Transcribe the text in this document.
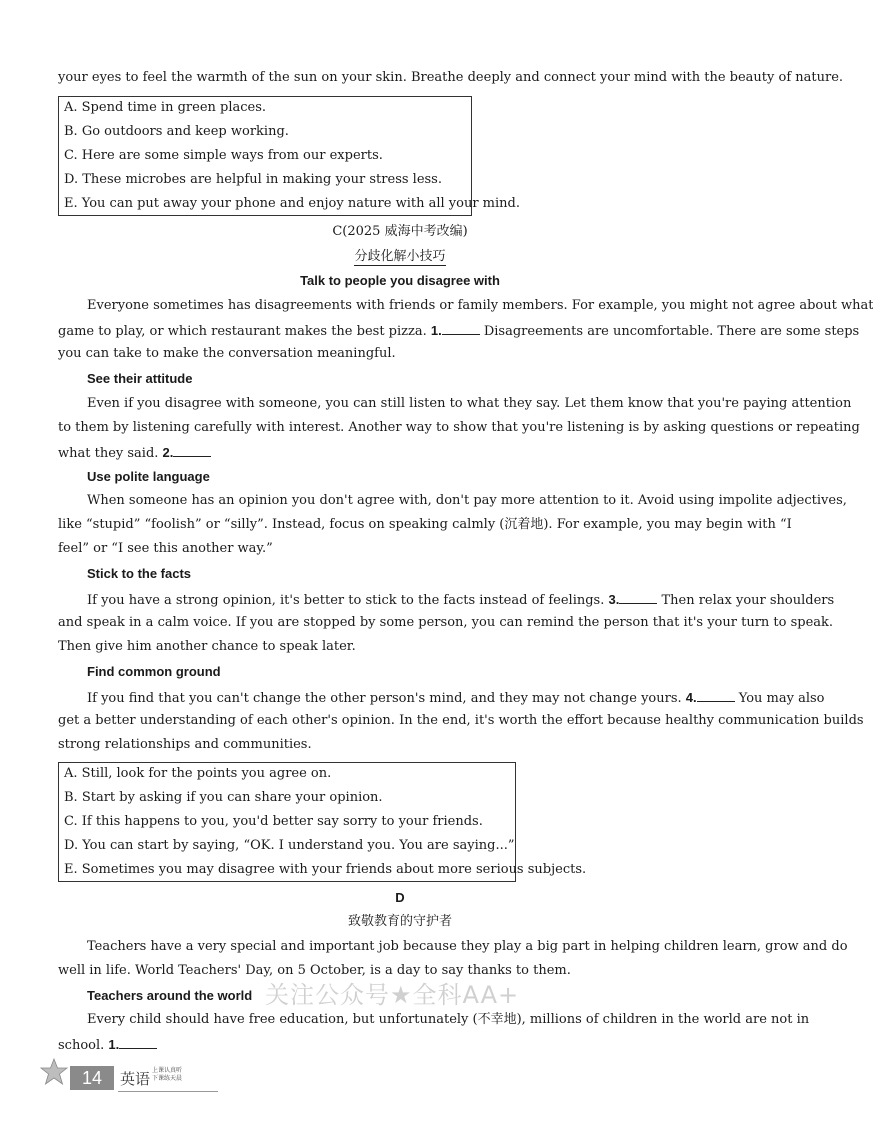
your eyes to feel the warmth of the sun on your skin. Breathe deeply and connect your mind with the beauty of nature.
A. Spend time in green places.
B. Go outdoors and keep working.
C. Here are some simple ways from our experts.
D. These microbes are helpful in making your stress less.
E. You can put away your phone and enjoy nature with all your mind.
C(2025 威海中考改编)
分歧化解小技巧
Talk to people you disagree with
Everyone sometimes has disagreements with friends or family members. For example, you might not agree about what
game to play, or which restaurant makes the best pizza. 1.	Disagreements are uncomfortable. There are some steps
you can take to make the conversation meaningful.
See their attitude
Even if you disagree with someone, you can still listen to what they say. Let them know that you're paying attention
to them by listening carefully with interest. Another way to show that you're listening is by asking questions or repeating
what they said. 2.
Use polite language
When someone has an opinion you don't agree with, don't pay more attention to it. Avoid using impolite adjectives,
like “stupid” “foolish” or “silly”. Instead, focus on speaking calmly (沉着地). For example, you may begin with “I
feel” or “I see this another way.”
Stick to the facts
If you have a strong opinion, it's better to stick to the facts instead of feelings. 3.	Then relax your shoulders
and speak in a calm voice. If you are stopped by some person, you can remind the person that it's your turn to speak.
Then give him another chance to speak later.
Find common ground
If you find that you can't change the other person's mind, and they may not change yours. 4.	You may also
get a better understanding of each other's opinion. In the end, it's worth the effort because healthy communication builds
strong relationships and communities.
A. Still, look for the points you agree on.
B. Start by asking if you can share your opinion.
C. If this happens to you, you'd better say sorry to your friends.
D. You can start by saying, “OK. I understand you. You are saying...”
E. Sometimes you may disagree with your friends about more serious subjects.
D
致敬教育的守护者
Teachers have a very special and important job because they play a big part in helping children learn, grow and do
well in life. World Teachers' Day, on 5 October, is a day to say thanks to them.
Teachers around the world
Every child should have free education, but unfortunately (不幸地), millions of children in the world are not in
school. 1.
关注公众号★全科AA+
14	英语 上课认真听
下课练天晨
